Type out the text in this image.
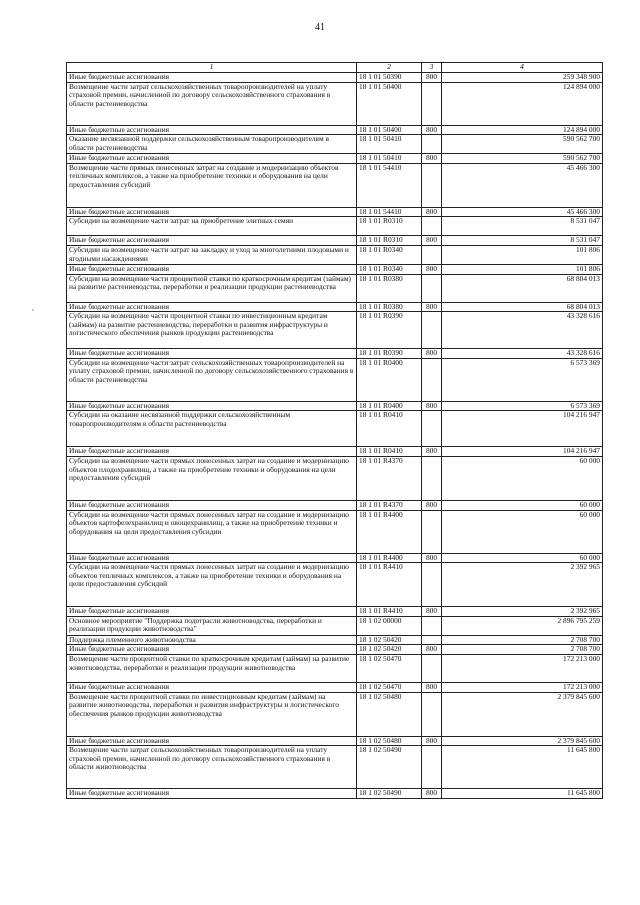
41
,
1	2	3	4
Иные бюджетные ассигнования	18 1 01 50390	800	259 348 900
Возмещение части затрат сельскохозяйственных товаропроизводителей на уплату страховой премии, начисленной по договору сельскохозяйственного страхования в области растениеводства	18 1 01 50400		124 894 000
Иные бюджетные ассигнования	18 1 01 50400	800	124 894 000
Оказание несвязанной поддержки сельскохозяйственным товаропроизводителям в области растениеводства	18 1 01 50410		590 562 700
Иные бюджетные ассигнования	18 1 01 50410	800	590 562 700
Возмещение части прямых понесенных затрат на создание и модернизацию объектов тепличных комплексов, а также на приобретение техники и оборудования на цели предоставления субсидий	18 1 01 54410		45 466 300
Иные бюджетные ассигнования	18 1 01 54410	800	45 466 300
Субсидии на возмещение части затрат на приобретение элитных семян	18 1 01 R0310		8 531 047
Иные бюджетные ассигнования	18 1 01 R0310	800	8 531 047
Субсидии на возмещение части затрат на закладку и уход за многолетними плодовыми и ягодными насаждениями	18 1 01 R0340		101 806
Иные бюджетные ассигнования	18 1 01 R0340	800	101 806
Субсидии на возмещение части процентной ставки по краткосрочным кредитам (займам) на развитие растениеводства, переработки и реализации продукции растениеводства	18 1 01 R0380		68 804 013
Иные бюджетные ассигнования	18 1 01 R0380	800	68 804 013
Субсидии на возмещение части процентной ставки по инвестиционным кредитам (займам) на развитие растениеводства, переработки и развития инфраструктуры и логистического обеспечения рынков продукции растениеводства	18 1 01 R0390		43 328 616
Иные бюджетные ассигнования	18 1 01 R0390	800	43 328 616
Субсидии на возмещение части затрат сельскохозяйственных товаропроизводителей на уплату страховой премии, начисленной по договору сельскохозяйственного страхования в области растениеводства	18 1 01 R0400		6 573 369
Иные бюджетные ассигнования	18 1 01 R0400	800	6 573 369
Субсидии на оказание несвязанной поддержки сельскохозяйственным товаропроизводителям в области растениеводства	18 1 01 R0410		104 216 947
Иные бюджетные ассигнования	18 1 01 R0410	800	104 216 947
Субсидии на возмещение части прямых понесенных затрат на создание и модернизацию объектов плодохранилищ, а также на приобретение техники и оборудования на цели предоставления субсидий	18 1 01 R4370		60 000
Иные бюджетные ассигнования	18 1 01 R4370	800	60 000
Субсидии на возмещение части прямых понесенных затрат на создание и модернизацию объектов картофелехранилищ и овощехранилищ, а также на приобретение техники и оборудования на цели предоставления субсидии	18 1 01 R4400		60 000
Иные бюджетные ассигнования	18 1 01 R4400	800	60 000
Субсидии на возмещение части прямых понесенных затрат на создание и модернизацию объектов тепличных комплексов, а также на приобретение техники и оборудования на цели предоставления субсидий	18 1 01 R4410		2 392 965
Иные бюджетные ассигнования	18 1 01 R4410	800	2 392 965
Основное мероприятие "Поддержка подотрасли животноводства, переработки и реализации продукции животноводства"	18 1 02 00000		2 896 795 259
Поддержка племенного животноводства	18 1 02 50420		2 708 700
Иные бюджетные ассигнования	18 1 02 50420	800	2 708 700
Возмещение части процентной ставки по краткосрочным кредитам (займам) на развитие животноводства, переработки и реализации продукции животноводства	18 1 02 50470		172 213 000
Иные бюджетные ассигнования	18 1 02 50470	800	172 213 000
Возмещение части процентной ставки по инвестиционным кредитам (займам) на развитие животноводства, переработки и развития инфраструктуры и логистического обеспечения рынков продукции животноводства	18 1 02 50480		2 379 845 600
Иные бюджетные ассигнования	18 1 02 50480	800	2 379 845 600
Возмещение части затрат сельскохозяйственных товаропроизводителей на уплату страховой премии, начисленной по договору сельскохозяйственного страхования в области животноводства	18 1 02 50490		11 645 800
Иные бюджетные ассигнования	18 1 02 50490	800	11 645 800
